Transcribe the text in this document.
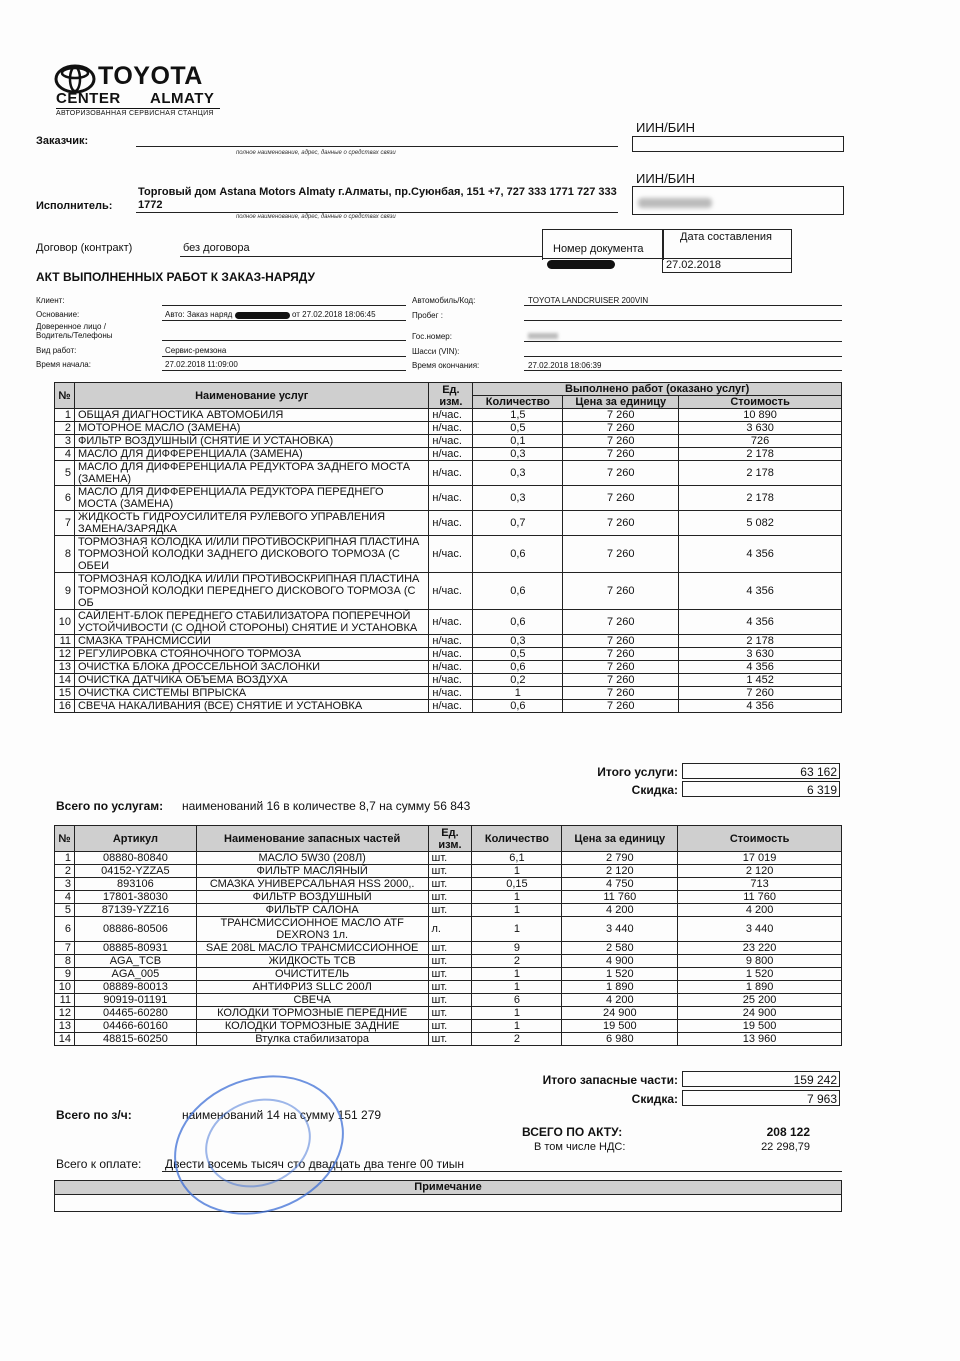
TOYOTA
CENTER ALMATY
АВТОРИЗОВАННАЯ СЕРВИСНАЯ СТАНЦИЯ
Заказчик:
полное наименование, адрес, данные о средствах связи
ИИН/БИН
ИИН/БИН
Исполнитель:
Торговый дом Astana Motors Almaty г.Алматы, пр.Суюнбая, 151 +7, 727 333 1771 727 333 1772
полное наименование, адрес, данные о средствах связи
Договор (контракт)	без договора	Номер документа
Дата составления
27.02.2018
АКТ ВЫПОЛНЕННЫХ РАБОТ К ЗАКАЗ-НАРЯДУ
Клиент:
Основание:	Авто: Заказ наряд	от 27.02.2018 18:06:45
Доверенное лицо / Водитель/Телефоны
Вид работ:	Сервис-ремзона
Время начала:	27.02.2018 11:09:00
Автомобиль/Код:	TOYOTA LANDCRUISER 200VIN
Пробег :
Гос.номер:
Шасси (VIN):
Время окончания:	27.02.2018 18:06:39
№	Наименование услуг	Ед. изм.	Выполнено работ (оказано услуг)		
			Количество	Цена за единицу	Стоимость
1	ОБЩАЯ ДИАГНОСТИКА АВТОМОБИЛЯ	н/час.	1,5	7 260	10 890
2	МОТОРНОЕ МАСЛО (ЗАМЕНА)	н/час.	0,5	7 260	3 630
3	ФИЛЬТР ВОЗДУШНЫЙ (СНЯТИЕ И УСТАНОВКА)	н/час.	0,1	7 260	726
4	МАСЛО ДЛЯ ДИФФЕРЕНЦИАЛА (ЗАМЕНА)	н/час.	0,3	7 260	2 178
5	МАСЛО ДЛЯ ДИФФЕРЕНЦИАЛА РЕДУКТОРА ЗАДНЕГО МОСТА (ЗАМЕНА)	н/час.	0,3	7 260	2 178
6	МАСЛО ДЛЯ ДИФФЕРЕНЦИАЛА РЕДУКТОРА ПЕРЕДНЕГО МОСТА (ЗАМЕНА)	н/час.	0,3	7 260	2 178
7	ЖИДКОСТЬ ГИДРОУСИЛИТЕЛЯ РУЛЕВОГО УПРАВЛЕНИЯ ЗАМЕНА/ЗАРЯДКА	н/час.	0,7	7 260	5 082
8	ТОРМОЗНАЯ КОЛОДКА И/ИЛИ ПРОТИВОСКРИПНАЯ ПЛАСТИНА ТОРМОЗНОЙ КОЛОДКИ ЗАДНЕГО ДИСКОВОГО ТОРМОЗА (С ОБЕИ	н/час.	0,6	7 260	4 356
9	ТОРМОЗНАЯ КОЛОДКА И/ИЛИ ПРОТИВОСКРИПНАЯ ПЛАСТИНА ТОРМОЗНОЙ КОЛОДКИ ПЕРЕДНЕГО ДИСКОВОГО ТОРМОЗА (С ОБ	н/час.	0,6	7 260	4 356
10	САЙЛЕНТ-БЛОК ПЕРЕДНЕГО СТАБИЛИЗАТОРА ПОПЕРЕЧНОЙ УСТОЙЧИВОСТИ (С ОДНОЙ СТОРОНЫ) СНЯТИЕ И УСТАНОВКА	н/час.	0,6	7 260	4 356
11	СМАЗКА ТРАНСМИССИИ	н/час.	0,3	7 260	2 178
12	РЕГУЛИРОВКА СТОЯНОЧНОГО ТОРМОЗА	н/час.	0,5	7 260	3 630
13	ОЧИСТКА БЛОКА ДРОССЕЛЬНОЙ ЗАСЛОНКИ	н/час.	0,6	7 260	4 356
14	ОЧИСТКА ДАТЧИКА ОБЪЕМА ВОЗДУХА	н/час.	0,2	7 260	1 452
15	ОЧИСТКА СИСТЕМЫ ВПРЫСКА	н/час.	1	7 260	7 260
16	СВЕЧА НАКАЛИВАНИЯ (ВСЕ) СНЯТИЕ И УСТАНОВКА	н/час.	0,6	7 260	4 356
Итого услуги:	63 162
Скидка:	6 319
Всего по услугам: наименований 16 в количестве 8,7 на сумму 56 843
№	Артикул	Наименование запасных частей	Ед. изм.	Количество	Цена за единицу	Стоимость
1	08880-80840	МАСЛО 5W30 (208Л)	шт.	6,1	2 790	17 019
2	04152-YZZA5	ФИЛЬТР МАСЛЯНЫЙ	шт.	1	2 120	2 120
3	893106	СМАЗКА УНИВЕРСАЛЬНАЯ HSS 2000,.	шт.	0,15	4 750	713
4	17801-38030	ФИЛЬТР ВОЗДУШНЫЙ	шт.	1	11 760	11 760
5	87139-YZZ16	ФИЛЬТР САЛОНА	шт.	1	4 200	4 200
6	08886-80506	ТРАНСМИССИОННОЕ МАСЛО ATF DEXRON3 1л.	л.	1	3 440	3 440
7	08885-80931	SAE 208L МАСЛО ТРАНСМИССИОННОЕ	шт.	9	2 580	23 220
8	AGA_TCB	ЖИДКОСТЬ ТСВ	шт.	2	4 900	9 800
9	AGA_005	ОЧИСТИТЕЛЬ	шт.	1	1 520	1 520
10	08889-80013	АНТИФРИЗ SLLC 200Л	шт.	1	1 890	1 890
11	90919-01191	СВЕЧА	шт.	6	4 200	25 200
12	04465-60280	КОЛОДКИ ТОРМОЗНЫЕ ПЕРЕДНИЕ	шт.	1	24 900	24 900
13	04466-60160	КОЛОДКИ ТОРМОЗНЫЕ ЗАДНИЕ	шт.	1	19 500	19 500
14	48815-60250	Втулка стабилизатора	шт.	2	6 980	13 960
Итого запасные части:	159 242
Скидка:	7 963
Всего по з/ч:	наименований 14 на сумму 151 279
ВСЕГО ПО АКТУ:	208 122
В том числе НДС:	22 298,79
Всего к оплате: Двести восемь тысяч сто двадцать два тенге 00 тиын
Примечание
